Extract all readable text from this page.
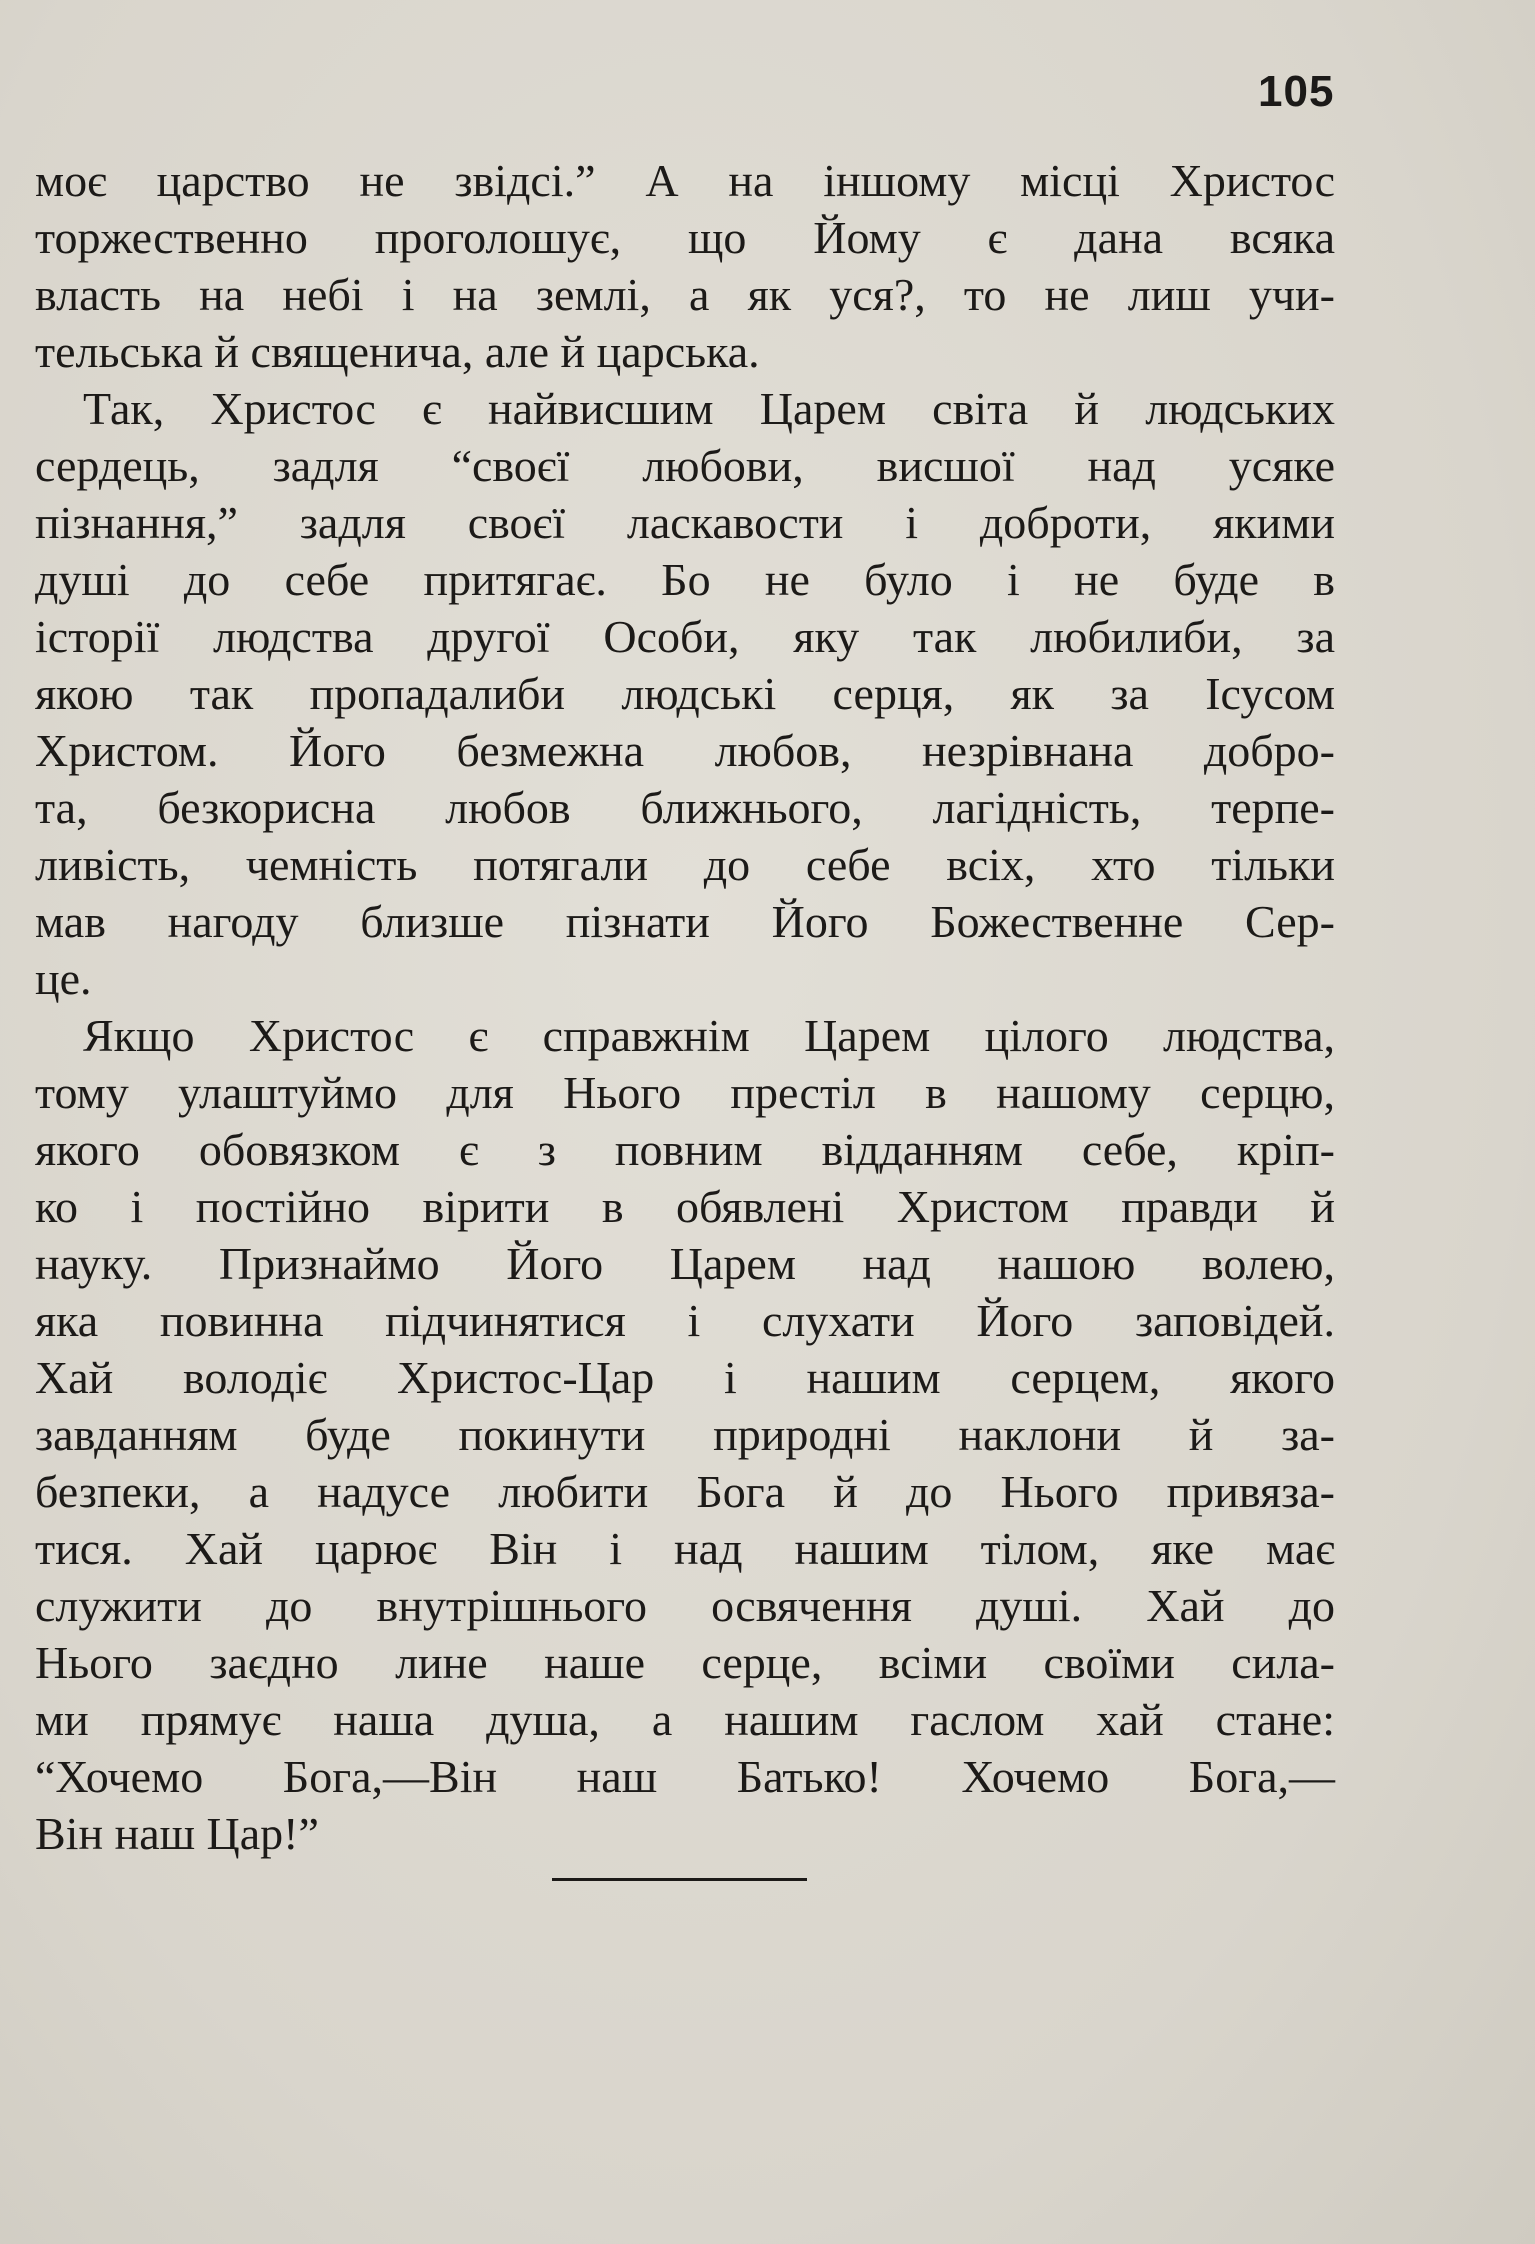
105
моє царство не звідсі.” А на іншому місці Христос
торжественно проголошує, що Йому є дана всяка
власть на небі і на землі, а як уся?, то не лиш учи-
тельська й священича, але й царська.
Так, Христос є найвисшим Царем світа й людських
сердець, задля “своєї любови, висшої над усяке
пізнання,” задля своєї ласкавости і доброти, якими
душі до себе притягає. Бо не було і не буде в
історії людства другої Особи, яку так любилиби, за
якою так пропадалиби людські серця, як за Ісусом
Христом. Його безмежна любов, незрівнана добро-
та, безкорисна любов ближнього, лагідність, терпе-
ливість, чемність потягали до себе всіх, хто тільки
мав нагоду близше пізнати Його Божественне Сер-
це.
Якщо Христос є справжнім Царем цілого людства,
тому улаштуймо для Нього престіл в нашому серцю,
якого обовязком є з повним відданням себе, кріп-
ко і постійно вірити в обявлені Христом правди й
науку. Признаймо Його Царем над нашою волею,
яка повинна підчинятися і слухати Його заповідей.
Хай володіє Христос-Цар і нашим серцем, якого
завданням буде покинути природні наклони й за-
безпеки, а надусе любити Бога й до Нього привяза-
тися. Хай царює Він і над нашим тілом, яке має
служити до внутрішнього освячення душі. Хай до
Нього заєдно лине наше серце, всіми своїми сила-
ми прямує наша душа, а нашим гаслом хай стане:
“Хочемо Бога,—Він наш Батько! Хочемо Бога,—
Він наш Цар!”
